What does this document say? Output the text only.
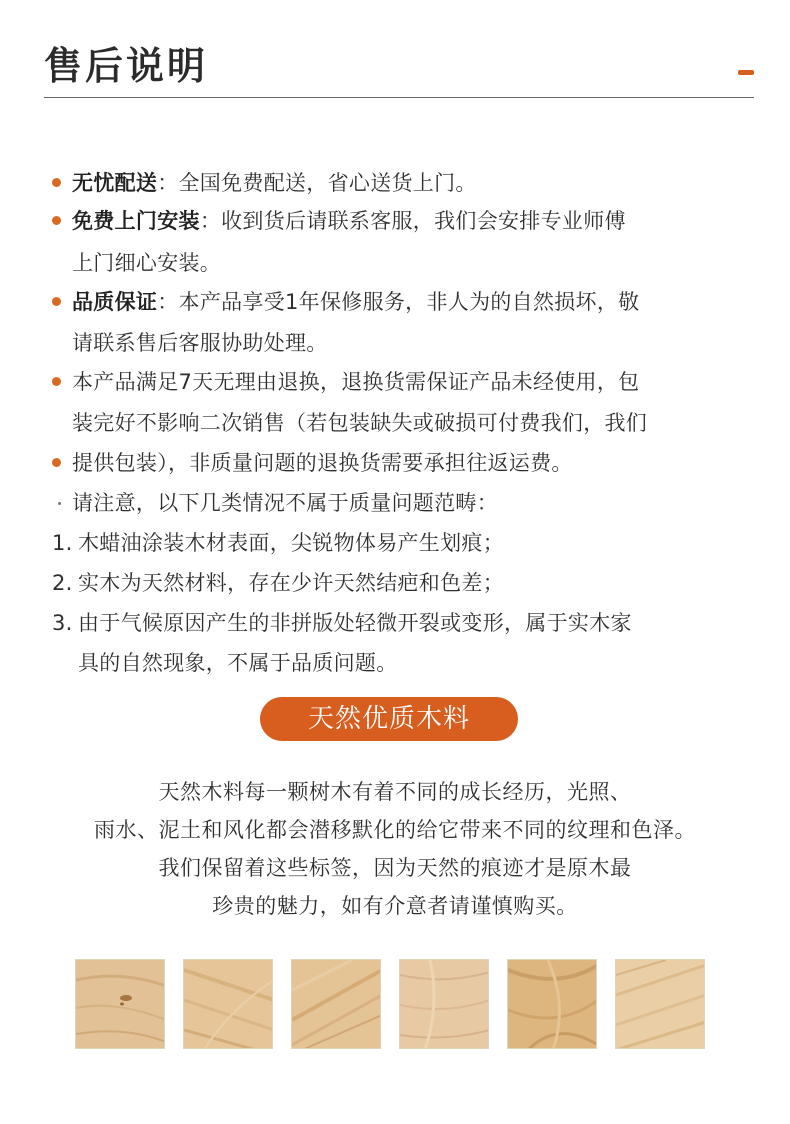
售后说明
无忧配送：全国免费配送，省心送货上门。
免费上门安装：收到货后请联系客服，我们会安排专业师傅
上门细心安装。
品质保证：本产品享受1年保修服务，非人为的自然损坏，敬
请联系售后客服协助处理。
本产品满足7天无理由退换，退换货需保证产品未经使用，包
装完好不影响二次销售（若包装缺失或破损可付费我们，我们
提供包装），非质量问题的退换货需要承担往返运费。
请注意，以下几类情况不属于质量问题范畴：
1. 木蜡油涂装木材表面，尖锐物体易产生划痕；
2. 实木为天然材料，存在少许天然结疤和色差；
3. 由于气候原因产生的非拼版处轻微开裂或变形，属于实木家
具的自然现象，不属于品质问题。
天然优质木料
天然木料每一颗树木有着不同的成长经历，光照、
雨水、泥土和风化都会潜移默化的给它带来不同的纹理和色泽。
我们保留着这些标签，因为天然的痕迹才是原木最
珍贵的魅力，如有介意者请谨慎购买。
